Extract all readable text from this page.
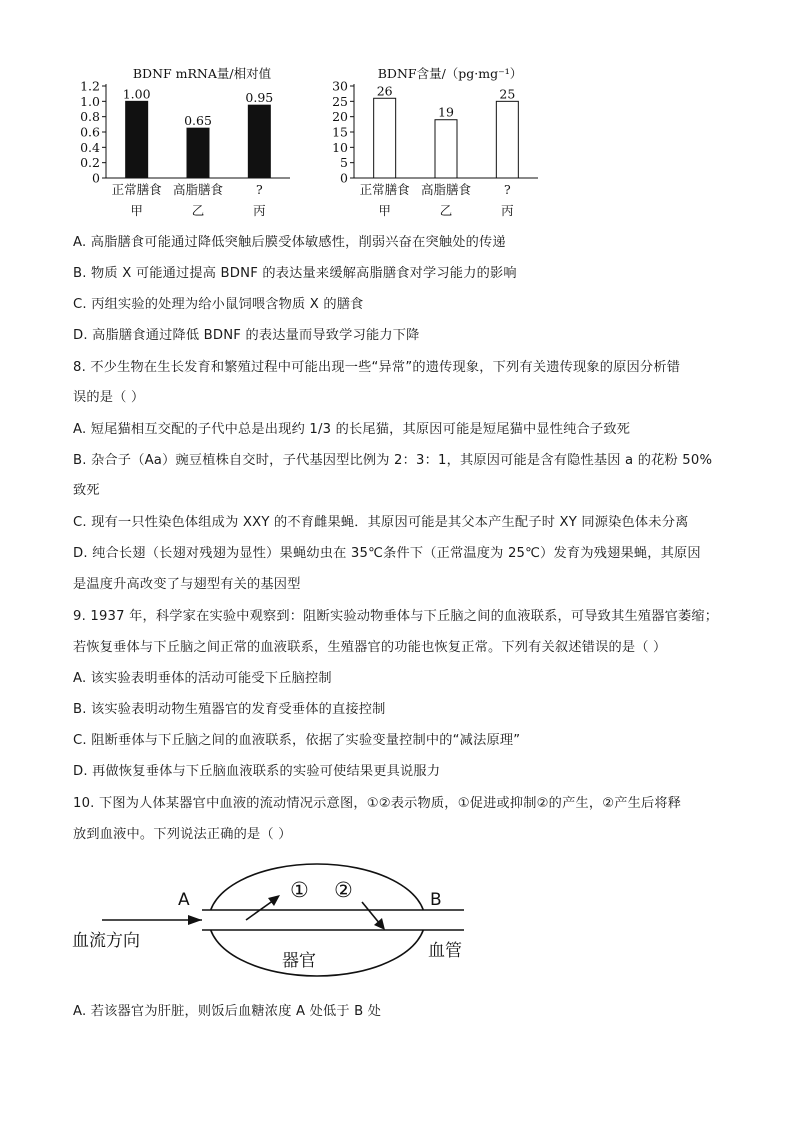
BDNF mRNA量/相对值
0
0.2
0.4
0.6
0.8
1.0
1.2
1.00
正常膳食
甲
0.65
高脂膳食
乙
0.95
?
丙
BDNF含量/（pg·mg⁻¹）
0
5
10
15
20
25
30 26
正常膳食
甲
19
高脂膳食
乙
25
?
丙
A. 高脂膳食可能通过降低突触后膜受体敏感性，削弱兴奋在突触处的传递
B. 物质 X 可能通过提高 BDNF 的表达量来缓解高脂膳食对学习能力的影响
C. 丙组实验的处理为给小鼠饲喂含物质 X 的膳食
D. 高脂膳食通过降低 BDNF 的表达量而导致学习能力下降
8. 不少生物在生长发育和繁殖过程中可能出现一些“异常”的遗传现象，下列有关遗传现象的原因分析错
误的是（ ）
A. 短尾猫相互交配的子代中总是出现约 1/3 的长尾猫，其原因可能是短尾猫中显性纯合子致死
B. 杂合子（Aa）豌豆植株自交时，子代基因型比例为 2：3：1，其原因可能是含有隐性基因 a 的花粉 50%
致死
C. 现有一只性染色体组成为 XXY 的不育雌果蝇．其原因可能是其父本产生配子时 XY 同源染色体未分离
D. 纯合长翅（长翅对残翅为显性）果蝇幼虫在 35℃条件下（正常温度为 25℃）发育为残翅果蝇，其原因
是温度升高改变了与翅型有关的基因型
9. 1937 年，科学家在实验中观察到：阻断实验动物垂体与下丘脑之间的血液联系，可导致其生殖器官萎缩；
若恢复垂体与下丘脑之间正常的血液联系，生殖器官的功能也恢复正常。下列有关叙述错误的是（ ）
A. 该实验表明垂体的活动可能受下丘脑控制
B. 该实验表明动物生殖器官的发育受垂体的直接控制
C. 阻断垂体与下丘脑之间的血液联系，依据了实验变量控制中的“减法原理”
D. 再做恢复垂体与下丘脑血液联系的实验可使结果更具说服力
10. 下图为人体某器官中血液的流动情况示意图，①②表示物质，①促进或抑制②的产生，②产生后将释
放到血液中。下列说法正确的是（ ）
A	B
① ②
血流方向
器官	血管
A. 若该器官为肝脏，则饭后血糖浓度 A 处低于 B 处
